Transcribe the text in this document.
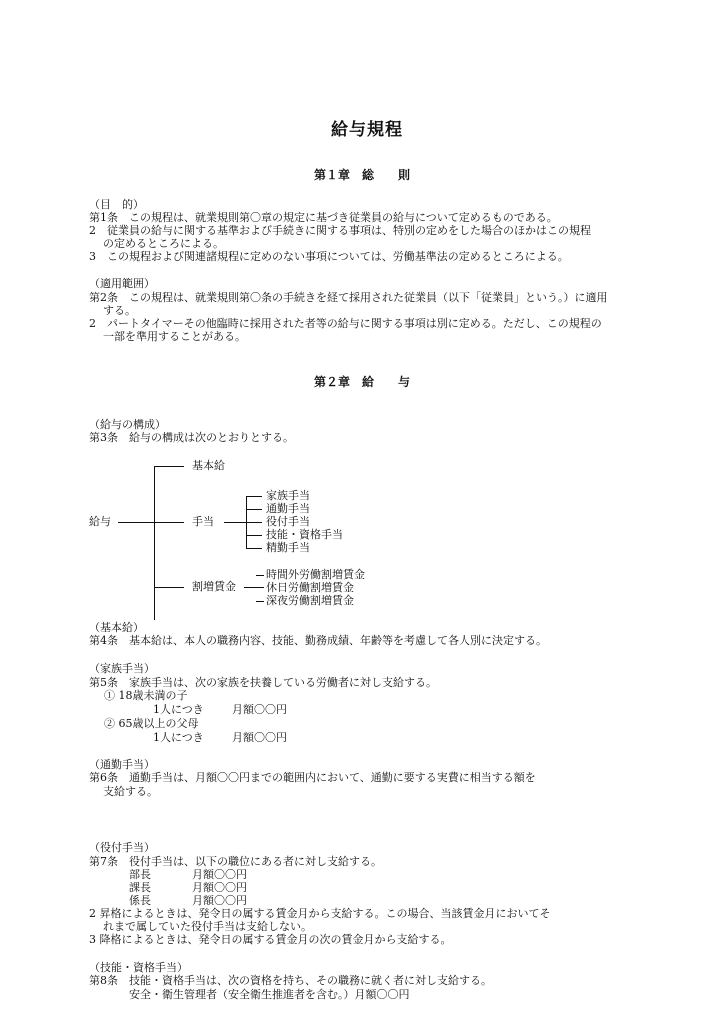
給与規程
第１章 総　　則
（目　的）
第1条　この規程は、就業規則第〇章の規定に基づき従業員の給与について定めるものである。
2　従業員の給与に関する基準および手続きに関する事項は、特別の定めをした場合のほかはこの規程
の定めるところによる。
3　この規程および関連諸規程に定めのない事項については、労働基準法の定めるところによる。
（適用範囲）
第2条　この規程は、就業規則第〇条の手続きを経て採用された従業員（以下「従業員」という。）に適用
する。
2　パートタイマーその他臨時に採用された者等の給与に関する事項は別に定める。ただし、この規程の
一部を準用することがある。
第２章 給　　与
（給与の構成）
第3条　給与の構成は次のとおりとする。
給与
基本給
手当
家族手当
通勤手当
役付手当
技能・資格手当
精勤手当
割増賃金
時間外労働割増賃金
休日労働割増賃金
深夜労働割増賃金
（基本給）
第4条　基本給は、本人の職務内容、技能、勤務成績、年齢等を考慮して各人別に決定する。
（家族手当）
第5条　家族手当は、次の家族を扶養している労働者に対し支給する。
① 18歳未満の子
1人につき	月額〇〇円
② 65歳以上の父母
1人につき	月額〇〇円
（通勤手当）
第6条　通勤手当は、月額〇〇円までの範囲内において、通勤に要する実費に相当する額を
支給する。
（役付手当）
第7条　役付手当は、以下の職位にある者に対し支給する。
部長	月額〇〇円
課長	月額〇〇円
係長	月額〇〇円
2 昇格によるときは、発令日の属する賃金月から支給する。この場合、当該賃金月においてそ
れまで属していた役付手当は支給しない。
3 降格によるときは、発令日の属する賃金月の次の賃金月から支給する。
（技能・資格手当）
第8条　技能・資格手当は、次の資格を持ち、その職務に就く者に対し支給する。
安全・衛生管理者（安全衛生推進者を含む。）月額〇〇円
